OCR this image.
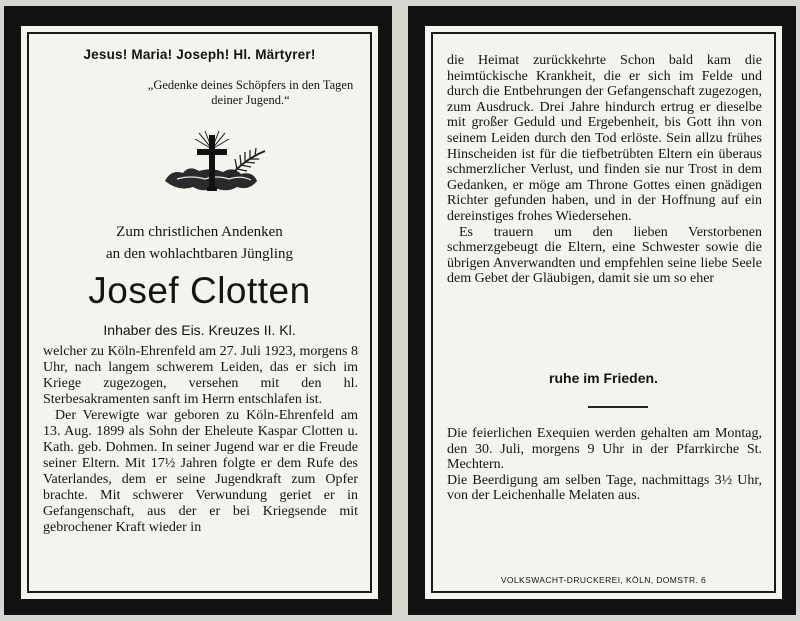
Jesus! Maria! Joseph! Hl. Märtyrer!
„Gedenke deines Schöpfers in den Tagen deiner Jugend.“
Zum christlichen Andenken
an den wohlachtbaren Jüngling
Josef Clotten
Inhaber des Eis. Kreuzes II. Kl.

welcher zu Köln-Ehrenfeld am 27. Juli 1923, morgens 8 Uhr, nach langem schwerem Leiden, das er sich im Kriege zugezogen, versehen mit den hl. Sterbesakramenten sanft im Herrn entschlafen ist.

Der Verewigte war geboren zu Köln-Ehrenfeld am 13. Aug. 1899 als Sohn der Eheleute Kaspar Clotten u. Kath. geb. Dohmen. In seiner Jugend war er die Freude seiner Eltern. Mit 17½ Jahren folgte er dem Rufe des Vaterlandes, dem er seine Jugendkraft zum Opfer brachte. Mit schwerer Verwundung geriet er in Gefangenschaft, aus der er bei Kriegsende mit gebrochener Kraft wieder in

die Heimat zurückkehrte Schon bald kam die heimtückische Krankheit, die er sich im Felde und durch die Entbehrungen der Gefangenschaft zugezogen, zum Ausdruck. Drei Jahre hindurch ertrug er dieselbe mit großer Geduld und Ergebenheit, bis Gott ihn von seinem Leiden durch den Tod erlöste. Sein allzu frühes Hinscheiden ist für die tiefbetrübten Eltern ein überaus schmerzlicher Verlust, und finden sie nur Trost in dem Gedanken, er möge am Throne Gottes einen gnädigen Richter gefunden haben, und in der Hoffnung auf ein dereinstiges frohes Wiedersehen.

Es trauern um den lieben Verstorbenen schmerzgebeugt die Eltern, eine Schwester sowie die übrigen Anverwandten und empfehlen seine liebe Seele dem Gebet der Gläubigen, damit sie um so eher

ruhe im Frieden.

Die feierlichen Exequien werden gehalten am Montag, den 30. Juli, morgens 9 Uhr in der Pfarrkirche St. Mechtern.

Die Beerdigung am selben Tage, nachmittags 3½ Uhr, von der Leichenhalle Melaten aus.

VOLKSWACHT-DRUCKEREI, KÖLN, DOMSTR. 6
